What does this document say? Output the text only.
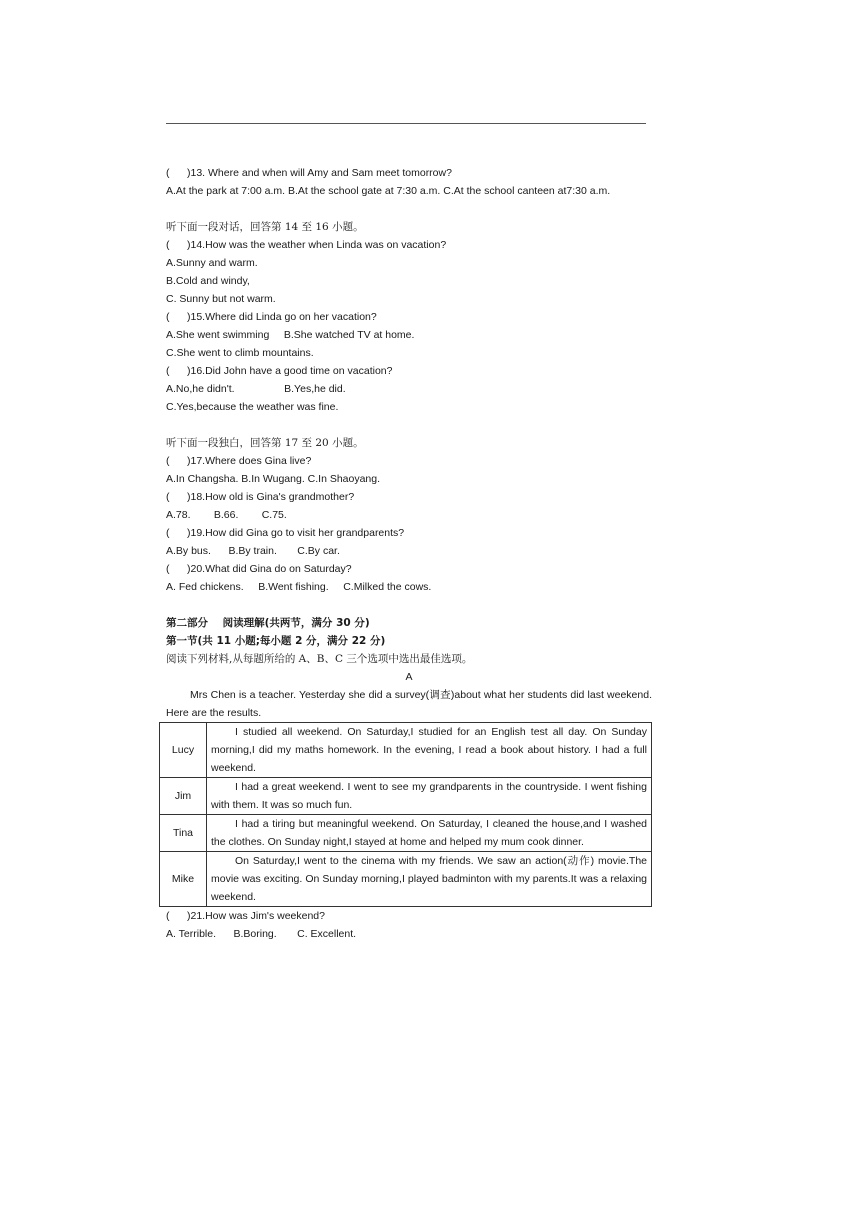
(      )13. Where and when will Amy and Sam meet tomorrow?
A.At the park at 7:00 a.m. B.At the school gate at 7:30 a.m. C.At the school canteen at7:30 a.m.
听下面一段对话，回答第 14 至 16 小题。
(      )14.How was the weather when Linda was on vacation?
A.Sunny and warm.
B.Cold and windy,
C. Sunny but not warm.
(      )15.Where did Linda go on her vacation?
A.She went swimming     B.She watched TV at home.
C.She went to climb mountains.
(      )16.Did John have a good time on vacation?
A.No,he didn't.                 B.Yes,he did.
C.Yes,because the weather was fine.
听下面一段独白，回答第 17 至 20 小题。
(      )17.Where does Gina live?
A.In Changsha. B.In Wugang. C.In Shaoyang.
(      )18.How old is Gina's grandmother?
A.78.        B.66.        C.75.
(      )19.How did Gina go to visit her grandparents?
A.By bus.      B.By train.       C.By car.
(      )20.What did Gina do on Saturday?
A. Fed chickens.     B.Went fishing.     C.Milked the cows.
第二部分    阅读理解(共两节，满分 30 分)
第一节(共 11 小题;每小题 2 分，满分 22 分)
阅读下列材料,从每题所给的 A、B、C 三个选项中选出最佳选项。
A
Mrs Chen is a teacher. Yesterday she did a survey(调查)about what her students did last weekend. Here are the results.
Lucy	I studied all weekend. On Saturday,I studied for an English test all day. On Sunday morning,I did my maths homework. In the evening, I read a book about history. I had a full weekend.
Jim	I had a great weekend. I went to see my grandparents in the countryside. I went fishing with them. It was so much fun.
Tina	I had a tiring but meaningful weekend. On Saturday, I cleaned the house,and I washed the clothes. On Sunday night,I stayed at home and helped my mum cook dinner.
Mike	On Saturday,I went to the cinema with my friends. We saw an action(动作) movie.The movie was exciting. On Sunday morning,I played badminton with my parents.It was a relaxing weekend.
(      )21.How was Jim's weekend?
A. Terrible.      B.Boring.       C. Excellent.
